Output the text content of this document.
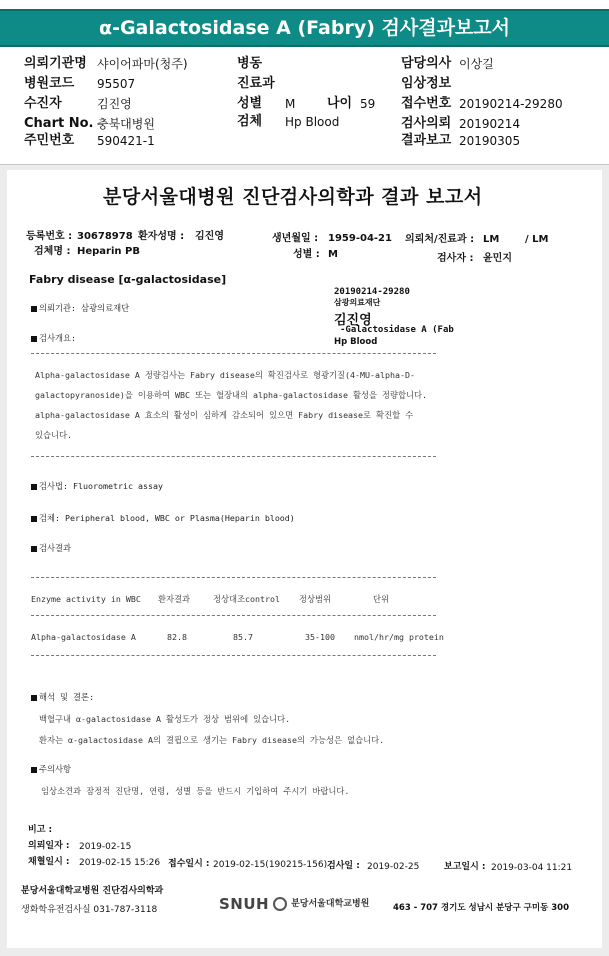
α-Galactosidase A (Fabry) 검사결과보고서
의뢰기관명 샤이어파마(청주)
병원코드 95507
수진자	김진영
Chart No. 충북대병원
주민번호 590421-1
병동
진료과
성별 M 나이 59
검체 Hp Blood
담당의사 이상길
임상정보
접수번호 20190214-29280
검사의뢰 20190214
결과보고 20190305
분당서울대병원 진단검사의학과 결과 보고서
등록번호 : 30678978 환자성명 : 김진영	생년월일 : 1959-04-21 의뢰처/진료과 : LM	/ LM
검체명 : Heparin PB	성별 : M	검사자 : 윤민지
Fabry disease [α-galactosidase]
20190214-29280
삼광의료재단
김진영
-Galactosidase A (Fab
Hp Blood
의뢰기관: 삼광의료재단
검사개요:
Alpha-galactosidase A 정량검사는 Fabry disease의 확진검사로 형광기질(4-MU-alpha-D-
galactopyranoside)을 이용하여 WBC 또는 혈장내의 alpha-galactosidase 활성을 정량합니다.
alpha-galactosidase A 효소의 활성이 심하게 감소되어 있으면 Fabry disease로 확진할 수
있습니다.
검사법: Fluorometric assay
검체: Peripheral blood, WBC or Plasma(Heparin blood)
검사결과
Enzyme activity in WBC 환자결과	정상대조control 정상범위	단위
Alpha-galactosidase A	82.8	85.7	35-100 nmol/hr/mg protein
해석 및 결론:
백혈구내 α-galactosidase A 활성도가 정상 범위에 있습니다.
환자는 α-galactosidase A의 결핍으로 생기는 Fabry disease의 가능성은 없습니다.
주의사항
임상소견과 잠정적 진단명, 연령, 성별 등을 반드시 기입하여 주시기 바랍니다.
비고 :
의뢰일자 : 2019-02-15
채혈일시 : 2019-02-15 15:26 접수일시 : 2019-02-15(190215-156) 검사일 : 2019-02-25	보고일시 : 2019-03-04 11:21
분당서울대학교병원 진단검사의학과
생화학유전검사실 031-787-3118	SNUH 분당서울대학교병원	463 - 707 경기도 성남시 분당구 구미동 300
